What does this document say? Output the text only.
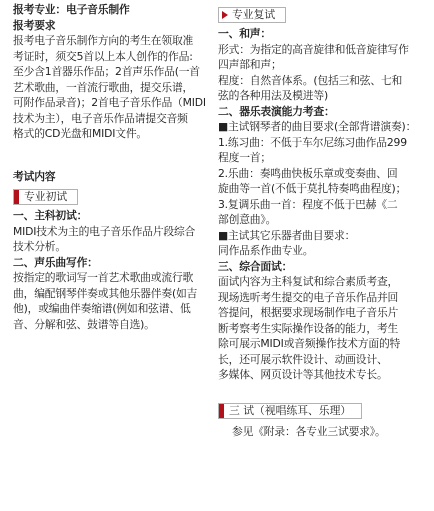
报考专业：电子音乐制作

报考要求

报考电子音乐制作方向的考生在领取准

考证时，须交5首以上本人创作的作品:

至少含1首器乐作品；2首声乐作品(一首

艺术歌曲，一首流行歌曲，提交乐谱，

可附作品录音)；2首电子音乐作品（MIDI

技术为主），电子音乐作品请提交音频

格式的CD光盘和MIDI文件。

考试内容

专业初试

一、主科初试：

MIDI技术为主的电子音乐作品片段综合

技术分析。

二、声乐曲写作：

按指定的歌词写一首艺术歌曲或流行歌

曲，编配钢琴伴奏或其他乐器伴奏(如吉

他)，或编曲伴奏缩谱(例如和弦谱、低

音、分解和弦、鼓谱等自选)。

专业复试

一、和声：

形式：为指定的高音旋律和低音旋律写作

四声部和声；

程度：自然音体系。(包括三和弦、七和

弦的各种用法及模进等)

二、器乐表演能力考查：

■主试钢琴者的曲目要求(全部背谱演奏)：

1.练习曲：不低于车尔尼练习曲作品299

程度一首；

2.乐曲：奏鸣曲快板乐章或变奏曲、回

旋曲等一首(不低于莫扎特奏鸣曲程度)；

3.复调乐曲一首：程度不低于巴赫《二

部创意曲》。

■主试其它乐器者曲目要求：

同作品系作曲专业。

三、综合面试：

面试内容为主科复试和综合素质考查，

现场选听考生提交的电子音乐作品并回

答提问，根据要求现场制作电子音乐片

断考察考生实际操作设备的能力，考生

除可展示MIDI或音频操作技术方面的特

长，还可展示软件设计、动画设计、

多媒体、网页设计等其他技术专长。

三 试（视唱练耳、乐理）

参见《附录：各专业三试要求》。
